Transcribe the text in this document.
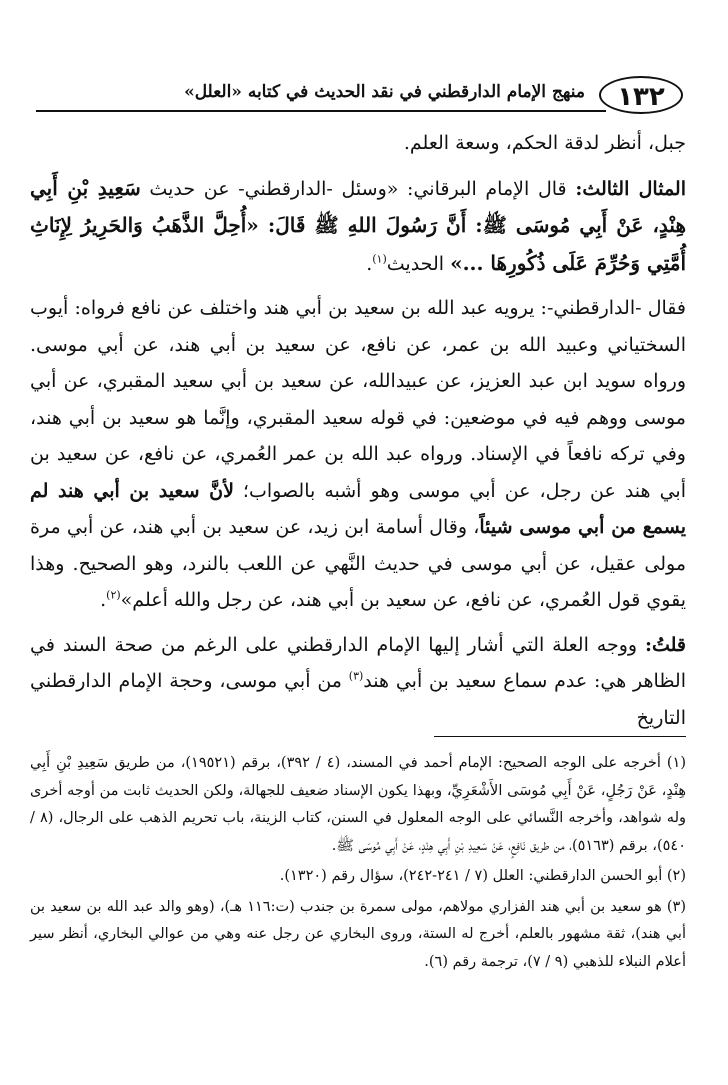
١٣٢
منهج الإمام الدارقطني في نقد الحديث في كتابه «العلل»

جبل، أنظر لدقة الحكم، وسعة العلم.

المثال الثالث: قال الإمام البرقاني: «وسئل -الدارقطني- عن حديث سَعِيدِ بْنِ أَبِي هِنْدٍ، عَنْ أَبِي مُوسَى ﷺ: أَنَّ رَسُولَ اللهِ ﷺ قَالَ: «أُحِلَّ الذَّهَبُ وَالحَرِيرُ لِإِنَاثِ أُمَّتِي وَحُرِّمَ عَلَى ذُكُورِهَا ...» الحديث$^{(١)}$.

فقال -الدارقطني-: يرويه عبد الله بن سعيد بن أبي هند واختلف عن نافع فرواه: أيوب السختياني وعبيد الله بن عمر، عن نافع، عن سعيد بن أبي هند، عن أبي موسى. ورواه سويد ابن عبد العزيز، عن عبيدالله، عن سعيد بن أبي سعيد المقبري، عن أبي موسى ووهم فيه في موضعين: في قوله سعيد المقبري، وإنَّما هو سعيد بن أبي هند، وفي تركه نافعاً في الإسناد. ورواه عبد الله بن عمر العُمري، عن نافع، عن سعيد بن أبي هند عن رجل، عن أبي موسى وهو أشبه بالصواب؛ لأنَّ سعيد بن أبي هند لم يسمع من أبي موسى شيئاً، وقال أسامة ابن زيد، عن سعيد بن أبي هند، عن أبي مرة مولى عقيل، عن أبي موسى في حديث النَّهي عن اللعب بالنرد، وهو الصحيح. وهذا يقوي قول العُمري، عن نافع، عن سعيد بن أبي هند، عن رجل والله أعلم»$^{(٢)}$.

قلتُ: ووجه العلة التي أشار إليها الإمام الدارقطني على الرغم من صحة السند في الظاهر هي: عدم سماع سعيد بن أبي هند$^{(٣)}$ من أبي موسى، وحجة الإمام الدارقطني التاريخ

(١) أخرجه على الوجه الصحيح: الإمام أحمد في المسند، (٤ / ٣٩٢)، برقم (١٩٥٢١)، من طريق سَعِيدِ بْنِ أَبِي هِنْدٍ، عَنْ رَجُلٍ، عَنْ أَبِي مُوسَى الأَشْعَرِيِّ، وبهذا يكون الإسناد ضعيف للجهالة، ولكن الحديث ثابت من أوجه أخرى وله شواهد، وأخرجه النَّسائي على الوجه المعلول في السنن، كتاب الزينة، باب تحريم الذهب على الرجال، (٨ / ٥٤٠)، برقم (٥١٦٣)، من طريق نَافِعٍ، عَنْ سَعِيدِ بْنِ أَبِي هِنْدٍ، عَنْ أَبِي مُوسَى ﷺ.

(٢) أبو الحسن الدارقطني: العلل (٧ / ٢٤١-٢٤٢)، سؤال رقم (١٣٢٠).

(٣) هو سعيد بن أبي هند الفزاري مولاهم، مولى سمرة بن جندب (ت:١١٦ هـ)، (وهو والد عبد الله بن سعيد بن أبي هند)، ثقة مشهور بالعلم، أخرج له الستة، وروى البخاري عن رجل عنه وهي من عوالي البخاري، أنظر سير أعلام النبلاء للذهبي (٩ / ٧)، ترجمة رقم (٦).
